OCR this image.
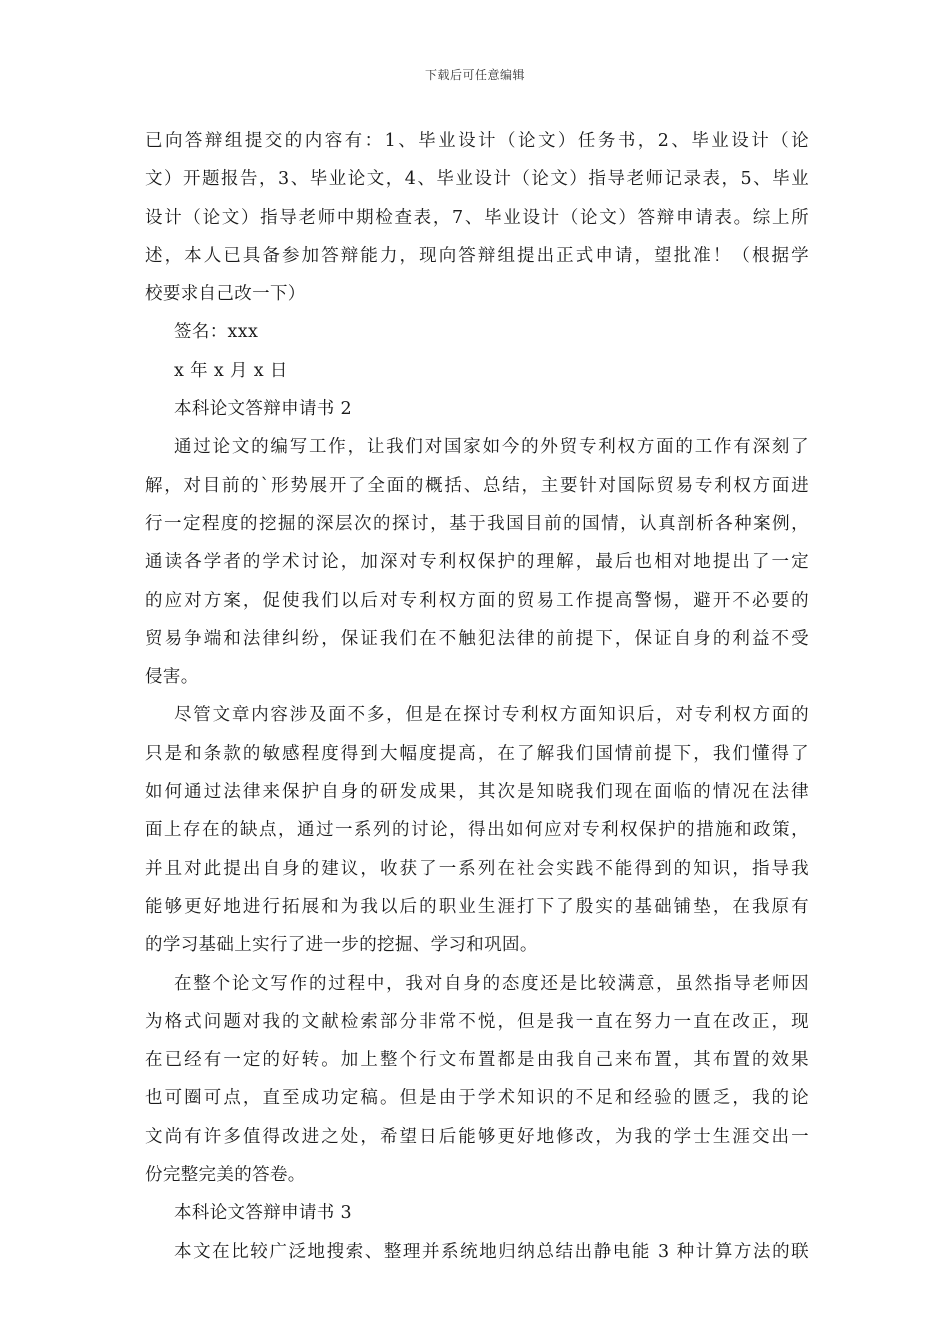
下载后可任意编辑
已向答辩组提交的内容有：1、毕业设计（论文）任务书，2、毕业设计（论
文）开题报告，3、毕业论文，4、毕业设计（论文）指导老师记录表，5、毕业
设计（论文）指导老师中期检查表，7、毕业设计（论文）答辩申请表。综上所
述，本人已具备参加答辩能力，现向答辩组提出正式申请，望批准！（根据学
校要求自己改一下）
签名：xxx
x 年 x 月 x 日
本科论文答辩申请书 2
通过论文的编写工作，让我们对国家如今的外贸专利权方面的工作有深刻了
解，对目前的`形势展开了全面的概括、总结，主要针对国际贸易专利权方面进
行一定程度的挖掘的深层次的探讨，基于我国目前的国情，认真剖析各种案例，
通读各学者的学术讨论，加深对专利权保护的理解，最后也相对地提出了一定
的应对方案，促使我们以后对专利权方面的贸易工作提高警惕，避开不必要的
贸易争端和法律纠纷，保证我们在不触犯法律的前提下，保证自身的利益不受
侵害。
尽管文章内容涉及面不多，但是在探讨专利权方面知识后，对专利权方面的
只是和条款的敏感程度得到大幅度提高，在了解我们国情前提下，我们懂得了
如何通过法律来保护自身的研发成果，其次是知晓我们现在面临的情况在法律
面上存在的缺点，通过一系列的讨论，得出如何应对专利权保护的措施和政策，
并且对此提出自身的建议，收获了一系列在社会实践不能得到的知识，指导我
能够更好地进行拓展和为我以后的职业生涯打下了殷实的基础铺垫，在我原有
的学习基础上实行了进一步的挖掘、学习和巩固。
在整个论文写作的过程中，我对自身的态度还是比较满意，虽然指导老师因
为格式问题对我的文献检索部分非常不悦，但是我一直在努力一直在改正，现
在已经有一定的好转。加上整个行文布置都是由我自己来布置，其布置的效果
也可圈可点，直至成功定稿。但是由于学术知识的不足和经验的匮乏，我的论
文尚有许多值得改进之处，希望日后能够更好地修改，为我的学士生涯交出一
份完整完美的答卷。
本科论文答辩申请书 3
本文在比较广泛地搜索、整理并系统地归纳总结出静电能 3 种计算方法的联
